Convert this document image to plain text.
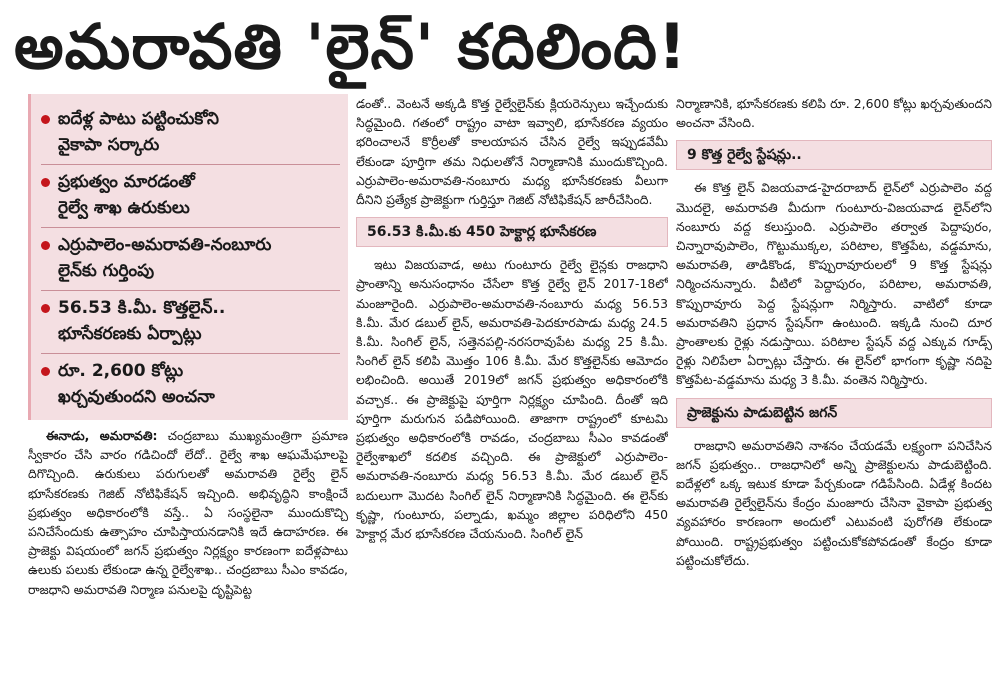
అమరావతి 'లైన్' కదిలింది!
ఐదేళ్ల పాటు పట్టించుకోని
వైకాపా సర్కారు
ప్రభుత్వం మారడంతో
రైల్వే శాఖ ఉరుకులు
ఎర్రుపాలెం-అమరావతి-నంబూరు
లైన్‌కు గుర్తింపు
56.53 కి.మీ. కొత్తలైన్..
భూసేకరణకు ఏర్పాట్లు
రూ. 2,600 కోట్లు
ఖర్చవుతుందని అంచనా

ఈనాడు, అమరావతి: చంద్రబాబు ముఖ్యమంత్రిగా ప్రమాణ స్వీకారం చేసి వారం గడిచిందో లేదో.. రైల్వే శాఖ ఆఘమేఘాలపై దిగొచ్చింది. ఉరుకులు పరుగులతో అమరావతి రైల్వే లైన్ భూసేకరణకు గెజిట్ నోటిఫికేషన్ ఇచ్చింది. అభివృద్ధిని కాంక్షించే ప్రభుత్వం అధికారంలోకి వస్తే.. ఏ సంస్థలైనా ముందుకొచ్చి పనిచేసేందుకు ఉత్సాహం చూపిస్తాయనడానికి ఇదే ఉదాహరణ. ఈ ప్రాజెక్టు విషయంలో జగన్ ప్రభుత్వం నిర్లక్ష్యం కారణంగా ఐదేళ్లపాటు ఉలుకు పలుకు లేకుండా ఉన్న రైల్వేశాఖ.. చంద్రబాబు సీఎం కావడం, రాజధాని అమరావతి నిర్మాణ పనులపై దృష్టిపెట్ట

డంతో.. వెంటనే అక్కడి కొత్త రైల్వేలైన్‌కు క్లియరెన్సులు ఇచ్చేందుకు సిద్ధమైంది. గతంలో రాష్ట్రం వాటా ఇవ్వాలి, భూసేకరణ వ్యయం భరించాలనే కొర్రీలతో కాలయాపన చేసిన రైల్వే ఇప్పుడవేమీ లేకుండా పూర్తిగా తమ నిధులతోనే నిర్మాణానికి ముందుకొచ్చింది. ఎర్రుపాలెం-అమరావతి-నంబూరు మధ్య భూసేకరణకు వీలుగా దీనిని ప్రత్యేక ప్రాజెక్టుగా గుర్తిస్తూ గెజిట్ నోటిఫికేషన్ జారీచేసింది.

56.53 కి.మీ.కు 450 హెక్టార్ల భూసేకరణ

ఇటు విజయవాడ, అటు గుంటూరు రైల్వే లైన్లకు రాజధాని ప్రాంతాన్ని అనుసంధానం చేసేలా కొత్త రైల్వే లైన్ 2017-18లో మంజూరైంది. ఎర్రుపాలెం-అమరావతి-నంబూరు మధ్య 56.53 కి.మీ. మేర డబుల్ లైన్, అమరావతి-పెదకూరపాడు మధ్య 24.5 కి.మీ. సింగిల్ లైన్, సత్తెనపల్లి-నరసరావుపేట మధ్య 25 కి.మీ. సింగిల్ లైన్ కలిపి మొత్తం 106 కి.మీ. మేర కొత్తలైన్‌కు ఆమోదం లభించింది. అయితే 2019లో జగన్ ప్రభుత్వం అధికారంలోకి వచ్చాక.. ఈ ప్రాజెక్టుపై పూర్తిగా నిర్లక్ష్యం చూపింది. దీంతో ఇది పూర్తిగా మరుగున పడిపోయింది. తాజాగా రాష్ట్రంలో కూటమి ప్రభుత్వం అధికారంలోకి రావడం, చంద్రబాబు సీఎం కావడంతో రైల్వేశాఖలో కదలిక వచ్చింది. ఈ ప్రాజెక్టులో ఎర్రుపాలెం-అమరావతి-నంబూరు మధ్య 56.53 కి.మీ. మేర డబుల్ లైన్ బదులుగా మొదట సింగిల్ లైన్ నిర్మాణానికి సిద్ధమైంది. ఈ లైన్‌కు కృష్ణా, గుంటూరు, పల్నాడు, ఖమ్మం జిల్లాల పరిధిలోని 450 హెక్టార్ల మేర భూసేకరణ చేయనుంది. సింగిల్ లైన్

నిర్మాణానికి, భూసేకరణకు కలిపి రూ. 2,600 కోట్లు ఖర్చవుతుందని అంచనా వేసింది.

9 కొత్త రైల్వే స్టేషన్లు..

ఈ కొత్త లైన్ విజయవాడ-హైదరాబాద్ లైన్‌లో ఎర్రుపాలెం వద్ద మొదలై, అమరావతి మీదుగా గుంటూరు-విజయవాడ లైన్‌లోని నంబూరు వద్ద కలుస్తుంది. ఎర్రుపాలెం తర్వాత పెద్దాపురం, చిన్నారావుపాలెం, గొట్టుముక్కల, పరిటాల, కొత్తపేట, వడ్డమాను, అమరావతి, తాడికొండ, కొప్పురావూరులలో 9 కొత్త స్టేషన్లు నిర్మించనున్నారు. వీటిలో పెద్దాపురం, పరిటాల, అమరావతి, కొప్పురావూరు పెద్ద స్టేషన్లుగా నిర్మిస్తారు. వాటిలో కూడా అమరావతిని ప్రధాన స్టేషన్‌గా ఉంటుంది. ఇక్కడి నుంచి దూర ప్రాంతాలకు రైళ్లు నడుస్తాయి. పరిటాల స్టేషన్ వద్ద ఎక్కువ గూడ్స్ రైళ్లు నిలిపేలా ఏర్పాట్లు చేస్తారు. ఈ లైన్‌లో భాగంగా కృష్ణా నదిపై కొత్తపేట-వడ్డమాను మధ్య 3 కి.మీ. వంతెన నిర్మిస్తారు.

ప్రాజెక్టును పాడుబెట్టిన జగన్

రాజధాని అమరావతిని నాశనం చేయడమే లక్ష్యంగా పనిచేసిన జగన్ ప్రభుత్వం.. రాజధానిలో అన్ని ప్రాజెక్టులను పాడుబెట్టింది. ఐదేళ్లలో ఒక్క ఇటుక కూడా పేర్చకుండా గడిపేసింది. ఏడేళ్ల కిందట అమరావతి రైల్వేలైన్‌ను కేంద్రం మంజూరు చేసినా వైకాపా ప్రభుత్వ వ్యవహారం కారణంగా అందులో ఎటువంటి పురోగతి లేకుండా పోయింది. రాష్ట్రప్రభుత్వం పట్టించుకోకపోవడంతో కేంద్రం కూడా పట్టించుకోలేదు.
